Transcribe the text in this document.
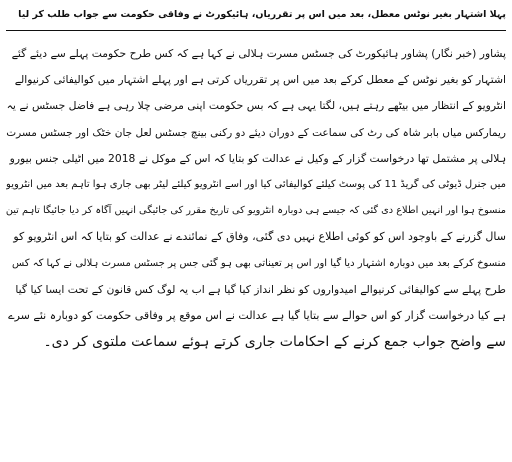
پہلا اشتہار بغیر نوٹس معطل، بعد میں اس پر تقرریاں، ہائیکورٹ نے وفاقی حکومت سے جواب طلب کر لیا
پشاور (خبر نگار) پشاور ہائیکورٹ کی جسٹس مسرت ہلالی نے کہا ہے کہ کس طرح حکومت پہلے سے دیئے گئے
اشتہار کو بغیر نوٹس کے معطل کرکے بعد میں اس پر تقرریاں کرتی ہے اور پہلے اشتہار میں کوالیفائی کرنیوالے
انٹرویو کے انتظار میں بیٹھے رہتے ہیں، لگتا یہی ہے کہ بس حکومت اپنی مرضی چلا رہی ہے فاضل جسٹس نے یہ
ریمارکس میاں بابر شاہ کی رٹ کی سماعت کے دوران دیئے دو رکنی بینچ جسٹس لعل جان خٹک اور جسٹس مسرت
ہلالی پر مشتمل تھا درخواست گزار کے وکیل نے عدالت کو بتایا کہ اس کے موکل نے 2018 میں اٹیلی جنس بیورو
میں جنرل ڈیوٹی کی گریڈ 11 کی پوسٹ کیلئے کوالیفائی کیا اور اسے انٹرویو کیلئے لیٹر بھی جاری ہوا تاہم بعد میں انٹرویو
منسوخ ہوا اور انہیں اطلاع دی گئی کہ جیسے ہی دوبارہ انٹرویو کی تاریخ مقرر کی جائیگی انہیں آگاہ کر دیا جائیگا تاہم تین
سال گزرنے کے باوجود اس کو کوئی اطلاع نہیں دی گئی، وفاق کے نمائندے نے عدالت کو بتایا کہ اس انٹرویو کو
منسوخ کرکے بعد میں دوبارہ اشتہار دیا گیا اور اس پر تعیناتی بھی ہو گئی جس پر جسٹس مسرت ہلالی نے کہا کہ کس
طرح پہلے سے کوالیفائی کرنیوالے امیدواروں کو نظر انداز کیا گیا ہے اب یہ لوگ کس قانون کے تحت ایسا کیا گیا
ہے کیا درخواست گزار کو اس حوالے سے بتایا گیا ہے عدالت نے اس موقع پر وفاقی حکومت کو دوبارہ نئے سرے
سے واضح جواب جمع کرنے کے احکامات جاری کرتے ہوئے سماعت ملتوی کر دی۔
